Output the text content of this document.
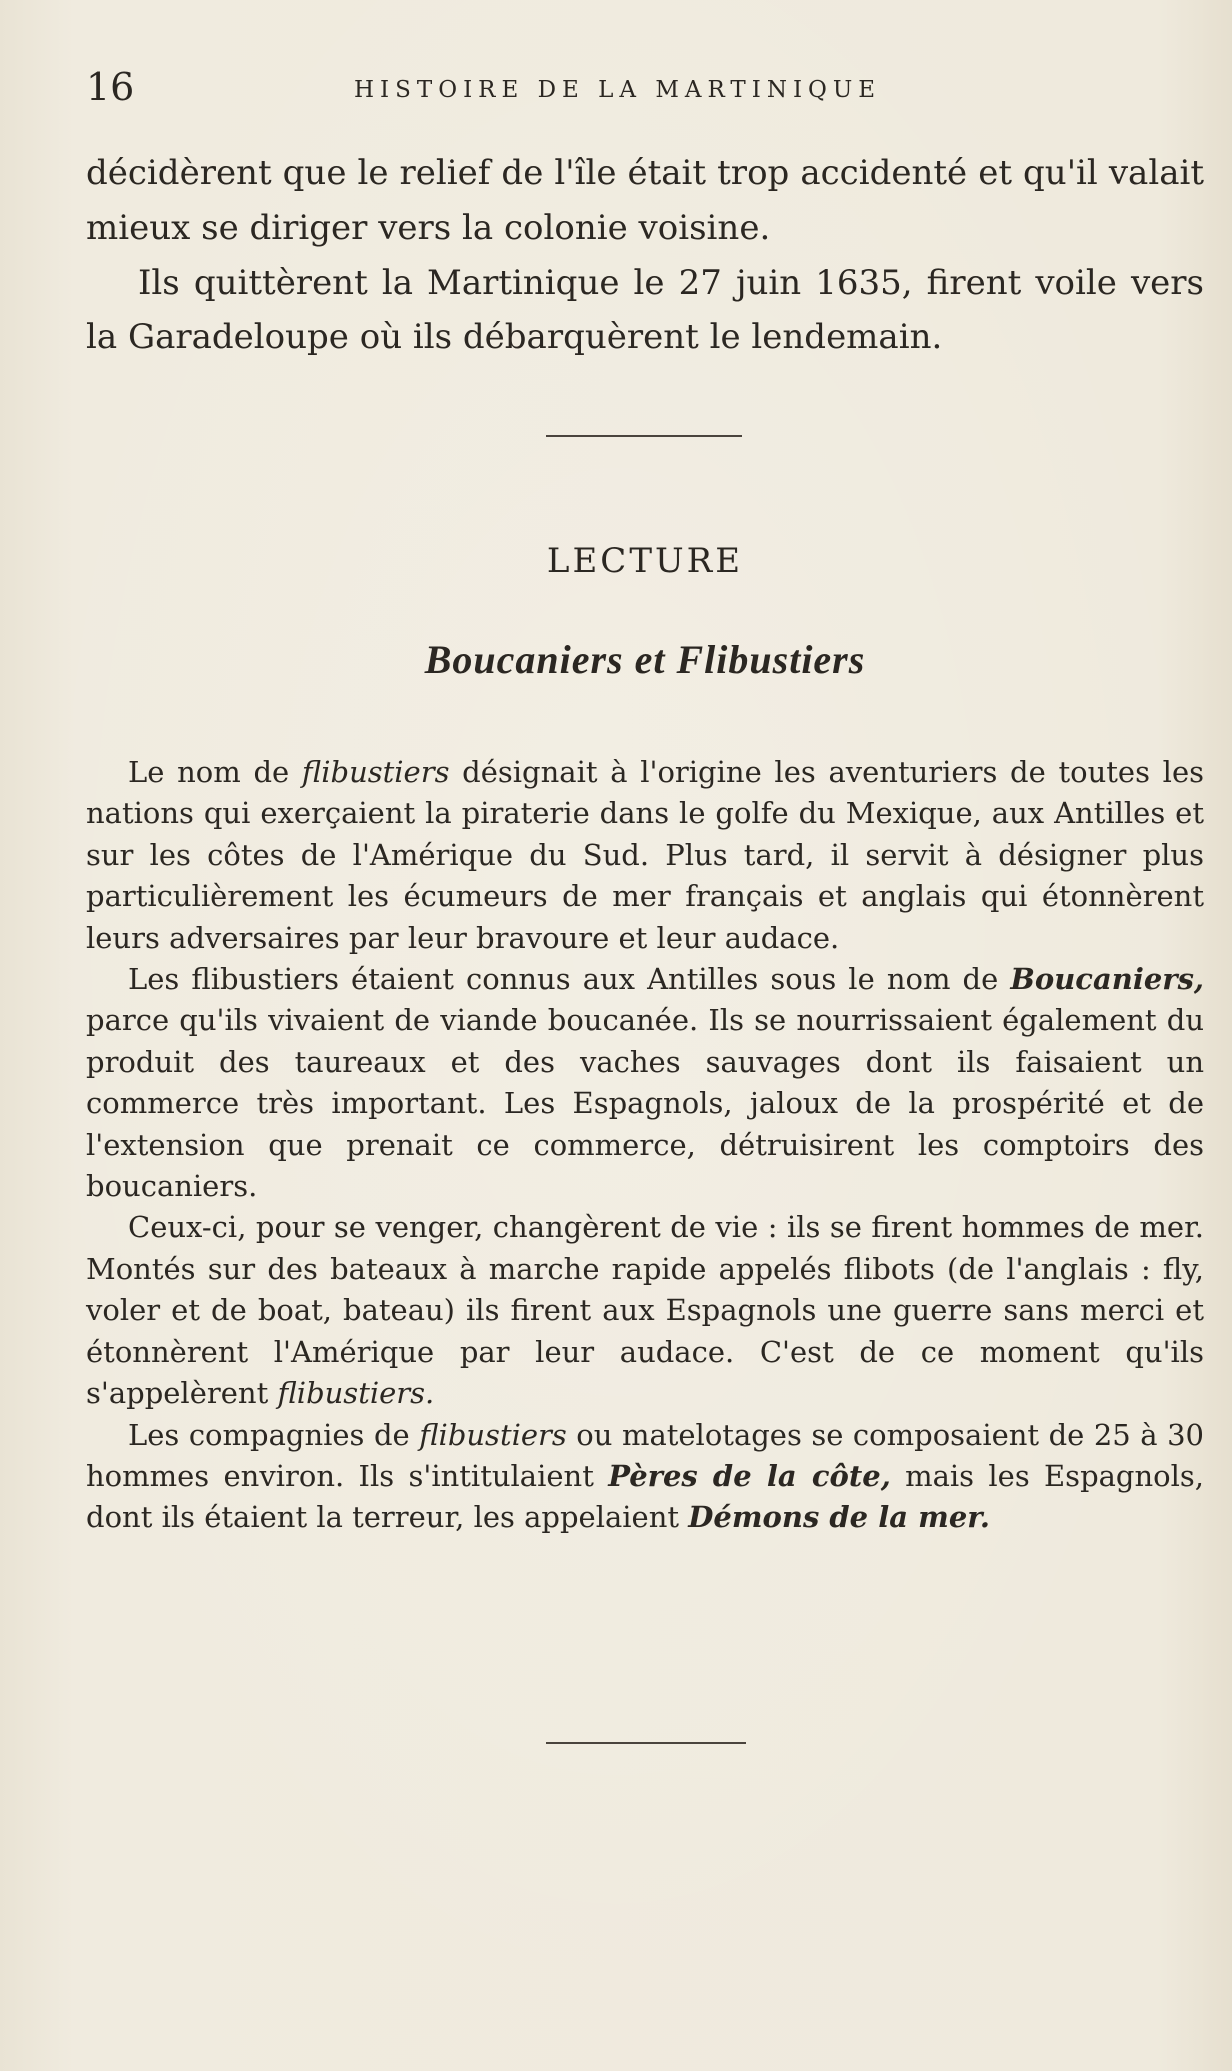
16	HISTOIRE DE LA MARTINIQUE

décidèrent que le relief de l'île était trop accidenté et qu'il valait mieux se diriger vers la colonie voisine.

Ils quittèrent la Martinique le 27 juin 1635, firent voile vers la Garadeloupe où ils débarquèrent le lendemain.

LECTURE
Boucaniers et Flibustiers

Le nom de flibustiers désignait à l'origine les aventuriers de toutes les nations qui exerçaient la piraterie dans le golfe du Mexique, aux Antilles et sur les côtes de l'Amérique du Sud. Plus tard, il servit à désigner plus particulièrement les écumeurs de mer français et anglais qui étonnèrent leurs adversaires par leur bravoure et leur audace.

Les flibustiers étaient connus aux Antilles sous le nom de Boucaniers, parce qu'ils vivaient de viande boucanée. Ils se nourrissaient également du produit des taureaux et des vaches sauvages dont ils faisaient un commerce très important. Les Espagnols, jaloux de la prospérité et de l'extension que prenait ce commerce, détruisirent les comptoirs des boucaniers.

Ceux-ci, pour se venger, changèrent de vie : ils se firent hommes de mer. Montés sur des bateaux à marche rapide appelés flibots (de l'anglais : fly, voler et de boat, bateau) ils firent aux Espagnols une guerre sans merci et étonnèrent l'Amérique par leur audace. C'est de ce moment qu'ils s'appelèrent flibustiers.

Les compagnies de flibustiers ou matelotages se composaient de 25 à 30 hommes environ. Ils s'intitulaient Pères de la côte, mais les Espagnols, dont ils étaient la terreur, les appelaient Démons de la mer.
